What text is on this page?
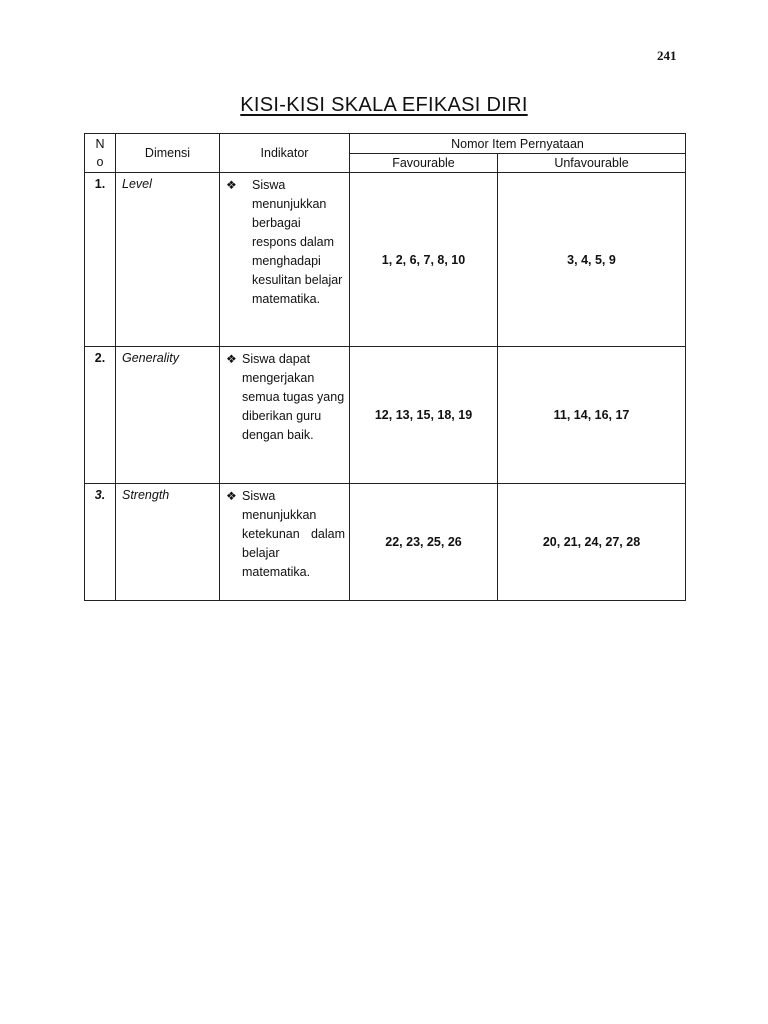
241
KISI-KISI SKALA EFIKASI DIRI
N
o	Dimensi	Indikator	Nomor Item Pernyataan	
			Favourable	Unfavourable
1.	Level	❖ Siswa menunjukkan berbagai respons dalam menghadapi kesulitan belajar matematika.	1, 2, 6, 7, 8, 10	3, 4, 5, 9
2.	Generality	❖ Siswa dapat mengerjakan semua tugas yang diberikan guru dengan baik.	12, 13, 15, 18, 19	11, 14, 16, 17
3.	Strength	❖ Siswa menunjukkan ketekunan dalam belajar matematika.	22, 23, 25, 26	20, 21, 24, 27, 28
